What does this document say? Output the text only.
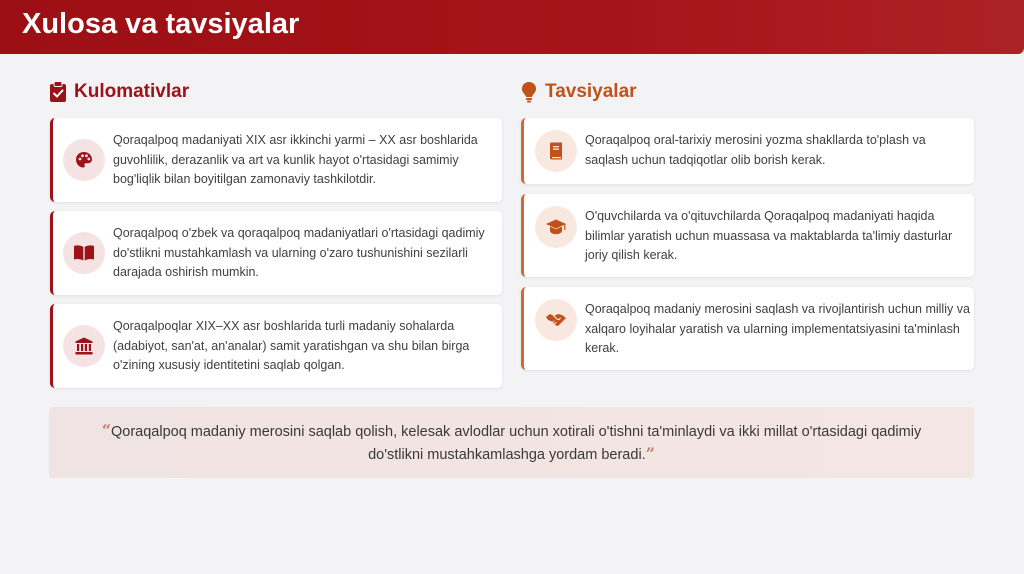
Xulosa va tavsiyalar
Kulomativlar	Tavsiyalar
Qoraqalpoq madaniyati XIX asr ikkinchi yarmi – XX asr boshlarida guvohlilik, derazanlik va art va kunlik hayot o'rtasidagi samimiy bog'liqlik bilan boyitilgan zamonaviy tashkilotdir.
Qoraqalpoq o'zbek va qoraqalpoq madaniyatlari o'rtasidagi qadimiy do'stlikni mustahkamlash va ularning o'zaro tushunishini sezilarli darajada oshirish mumkin.
Qoraqalpoqlar XIX–XX asr boshlarida turli madaniy sohalarda (adabiyot, san'at, an'analar) samit yaratishgan va shu bilan birga o'zining xususiy identitetini saqlab qolgan.
Qoraqalpoq oral-tarixiy merosini yozma shakllarda to'plash va saqlash uchun tadqiqotlar olib borish kerak.
O'quvchilarda va o'qituvchilarda Qoraqalpoq madaniyati haqida bilimlar yaratish uchun muassasa va maktablarda ta'limiy dasturlar joriy qilish kerak.
Qoraqalpoq madaniy merosini saqlash va rivojlantirish uchun milliy va xalqaro loyihalar yaratish va ularning implementatsiyasini ta'minlash kerak.
“Qoraqalpoq madaniy merosini saqlab qolish, kelesak avlodlar uchun xotirali o'tishni ta'minlaydi va ikki millat o'rtasidagi qadimiy do'stlikni mustahkamlashga yordam beradi.”
